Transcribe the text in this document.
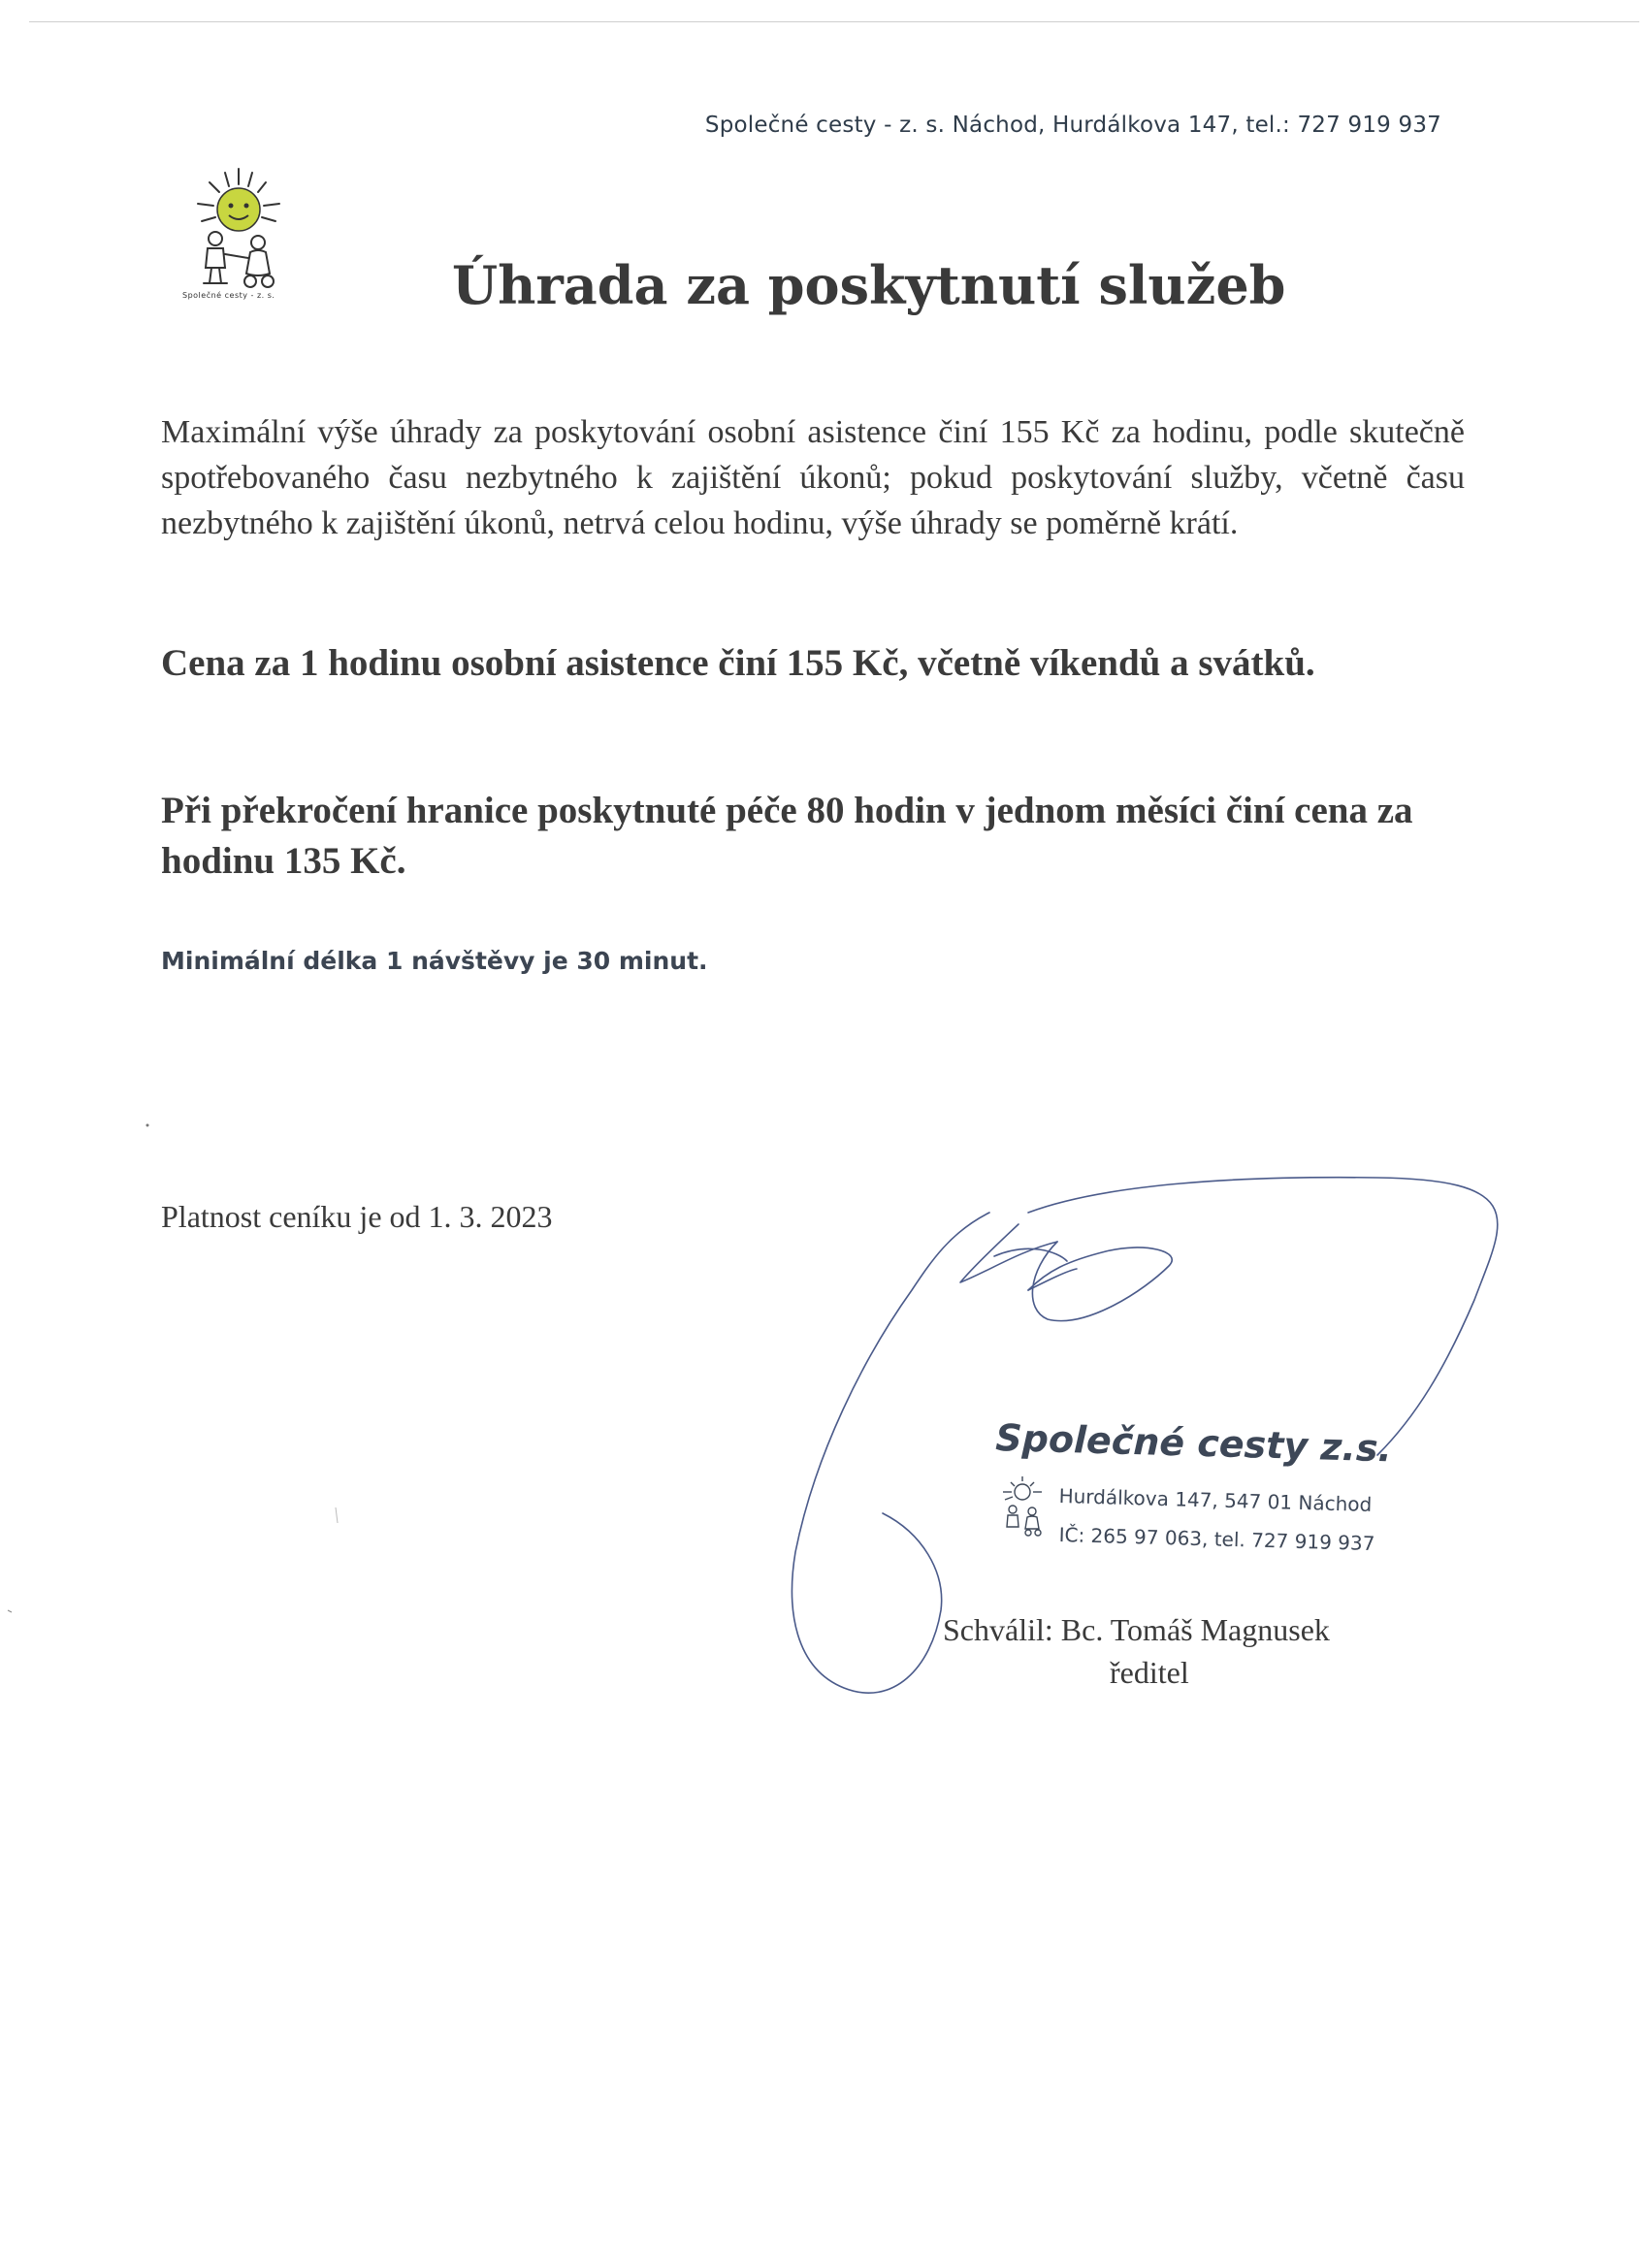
Společné cesty - z. s. Náchod, Hurdálkova 147, tel.: 727 919 937
Společné cesty - z. s.	Úhrada za poskytnutí služeb

Maximální výše úhrady za poskytování osobní asistence činí 155 Kč za hodinu, podle skutečně spotřebovaného času nezbytného k zajištění úkonů; pokud poskytování služby, včetně času nezbytného k zajištění úkonů, netrvá celou hodinu, výše úhrady se poměrně krátí.

Cena za 1 hodinu osobní asistence činí 155 Kč, včetně víkendů a svátků.

Při překročení hranice poskytnuté péče 80 hodin v jednom měsíci činí cena za hodinu 135 Kč.

Minimální délka 1 návštěvy je 30 minut.

Platnost ceníku je od 1. 3. 2023

Společné cesty z.s.
Hurdálkova 147, 547 01 Náchod
IČ: 265 97 063, tel. 727 919 937

Schválil: Bc. Tomáš Magnusek
ředitel
